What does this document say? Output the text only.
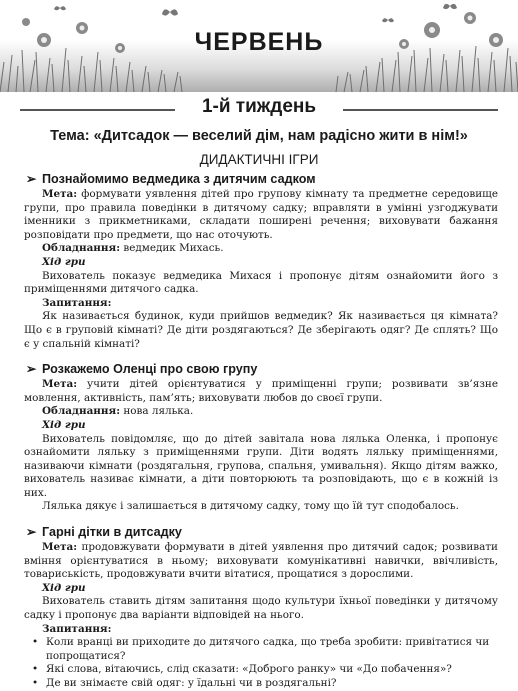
ЧЕРВЕНЬ
1-й тиждень
Тема: «Дитсадок — веселий дім, нам радісно жити в нім!»
ДИДАКТИЧНІ ІГРИ
➢ Познайомимо ведмедика з дитячим садком
Мета: формувати уявлення дітей про групову кімнату та предметне середовище групи, про правила поведінки в дитячому садку; вправляти в умінні узгоджувати іменники з прикметниками, складати поширені речення; виховувати бажання розповідати про предмети, що нас оточують.
Обладнання: ведмедик Михась.
Хід гри
Вихователь показує ведмедика Михася і пропонує дітям ознайомити його з приміщеннями дитячого садка.
Запитання:
Як називається будинок, куди прийшов ведмедик? Як називається ця кімната? Що є в груповій кімнаті? Де діти роздягаються? Де зберігають одяг? Де сплять? Що є у спальній кімнаті?
➢ Розкажемо Оленці про свою групу
Мета: учити дітей орієнтуватися у приміщенні групи; розвивати зв’язне мовлення, активність, пам’ять; виховувати любов до своєї групи.
Обладнання: нова лялька.
Хід гри
Вихователь повідомляє, що до дітей завітала нова лялька Оленка, і пропонує ознайомити ляльку з приміщеннями групи. Діти водять ляльку приміщеннями, називаючи кімнати (роздягальня, групова, спальня, умивальня). Якщо дітям важко, вихователь називає кімнати, а діти повторюють та розповідають, що є в кожній із них.
Лялька дякує і залишається в дитячому садку, тому що їй тут сподобалось.
➢ Гарні дітки в дитсадку
Мета: продовжувати формувати в дітей уявлення про дитячий садок; розвивати вміння орієнтуватися в ньому; виховувати комунікативні навички, ввічливість, товариськість, продовжувати вчити вітатися, прощатися з дорослими.
Хід гри
Вихователь ставить дітям запитання щодо культури їхньої поведінки у дитячому садку і пропонує два варіанти відповідей на нього.
Запитання:
• Коли вранці ви приходите до дитячого садка, що треба зробити: привітатися чи попрощатися?
• Які слова, вітаючись, слід сказати: «Доброго ранку» чи «До побачення»?
• Де ви знімаєте свій одяг: у їдальні чи в роздягальні?
